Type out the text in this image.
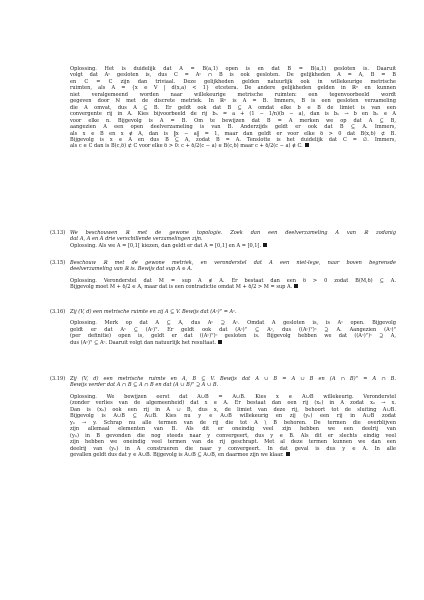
Oplossing. Het is duidelijk dat A = B(a,1) open is en dat B = B̄(a,1) gesloten is. Daaruit
volgt dat Aᶜ gesloten is, dus C = Aᶜ ∩ B is ook gesloten. De gelijkheden Ā = A, B̊ = B
en C̄ = C zijn dan triviaal. Deze gelijkheden gelden natuurlijk ook in willekeurige metrische
ruimten, als A = {x ∈ V | d(x,a) < 1} etcetera. De andere gelijkheden gelden in ℝⁿ en kunnen
niet veralgemeend worden naar willekeurige metrische ruimten: een tegenvoorbeeld wordt
gegeven door ℕ met de discrete metriek. In ℝⁿ is Ā = B. Immers, B is een gesloten verzameling
die A omvat, dus Ā ⊆ B. Er geldt ook dat B ⊆ Ā omdat elke b ∈ B de limiet is van een
convergente rij in A. Kies bijvoorbeeld de rij bₙ = a + (1 − 1/n)(b − a), dan is bₙ → b en bₙ ∈ A
voor elke n. Bijgevolg is Ā = B. Om te bewijzen dat B̊ = A merken we op dat A ⊆ B̊,
aangezien A een open deelverzameling is van B. Anderzijds geldt er ook dat B̊ ⊆ A. Immers,
als x ∈ B̊ en x ∉ A, dan is ‖x − a‖ = 1, maar dan geldt er voor elke δ > 0 dat B(x,δ) ⊄ B̊.
Bijgevolg is x ∈ A en dus B̊ ⊆ A, zodat B̊ = A. Tenslotte is het duidelijk dat C̊ = ∅. Immers,
als c ∈ C dan is B(c,δ) ⊄ C voor elke δ > 0: c + δ/2(c − a) ∈ B(c,δ) maar c + δ/2(c − a) ∉ C.
(3.13) We beschouwen ℝ met de gewone topologie. Zoek dan een deelverzameling A van ℝ zodanig
dat A, Ā en Å drie verschillende verzamelingen zijn.
Oplossing. Als we A = [0,1[ kiezen, dan geldt er dat Ā = [0,1] en Å = ]0,1[.
(3.15) Beschouw ℝ met de gewone metriek, en veronderstel dat A een niet-lege, naar boven begrensde
deelverzameling van ℝ is. Bewijs dat sup A ∈ Ā.
Oplossing. Veronderstel dat M = sup A ∉ Ā. Er bestaat dan een δ > 0 zodat B(M,δ) ⊆ A.
Bijgevolg moet M + δ/2 ∈ A, maar dat is een contradictie omdat M + δ/2 > M = sup A.
(3.16) Zij (V, d) een metrische ruimte en zij A ⊆ V. Bewijs dat (Aᶜ)° = Āᶜ.
Oplossing. Merk op dat A ⊆ Ā, dus Aᶜ ⊇ Āᶜ. Omdat Ā gesloten is, is Āᶜ open. Bijgevolg
geldt er dat Āᶜ ⊆ (Aᶜ)°. Er geldt ook dat (Aᶜ)° ⊆ Aᶜ, dus ((Aᶜ)°)ᶜ ⊇ A. Aangezien (Aᶜ)°
(per definitie) open is, geldt er dat ((Aᶜ)°)ᶜ gesloten is. Bijgevolg hebben we dat ((Aᶜ)°)ᶜ ⊇ Ā,
dus (Aᶜ)° ⊆ Āᶜ. Daaruit volgt dan natuurlijk het resultaat.
(3.19) Zij (V, d) een metrische ruimte en A, B ⊆ V. Bewijs dat A ∪ B = Ā ∪ B̄ en (A ∩ B)° = Å ∩ B̊.
Bewijs verder dat A ∩ B ⊆ Ā ∩ B̄ en dat (A ∪ B)° ⊇ Å ∪ B̊.
Oplossing. We bewijzen eerst dat A∪B = Ā∪B̄. Kies x ∈ Ā∪B̄ willekeurig. Veronderstel
(zonder verlies van de algemeenheid) dat x ∈ Ā. Er bestaat dan een rij (xₙ) in A zodat xₙ → x.
Dan is (xₙ) ook een rij in A ∪ B, dus x, de limiet van deze rij, behoort tot de sluiting A∪B.
Bijgevolg is Ā∪B̄ ⊆ A∪B. Kies nu y ∈ A∪B willekeurig en zij (yₙ) een rij in A∪B zodat
yₙ → y. Schrap nu alle termen van de rij die tot A \ B behoren. De termen die overblijven
zijn allemaal elementen van B. Als dit er oneindig veel zijn hebben we een deelrij van
(yₙ) in B gevonden die nog steeds naar y convergeert, dus y ∈ B̄. Als dit er slechts eindig veel
zijn hebben we oneindig veel termen van de rij geschrapt. Met al deze termen kunnen we dan een
deelrij van (yₙ) in A construeren die naar y convergeert. In dat geval is dus y ∈ Ā. In alle
gevallen geldt dus dat y ∈ Ā∪B̄. Bijgevolg is A∪B ⊆ Ā∪B̄, en daarmee zijn we klaar.
